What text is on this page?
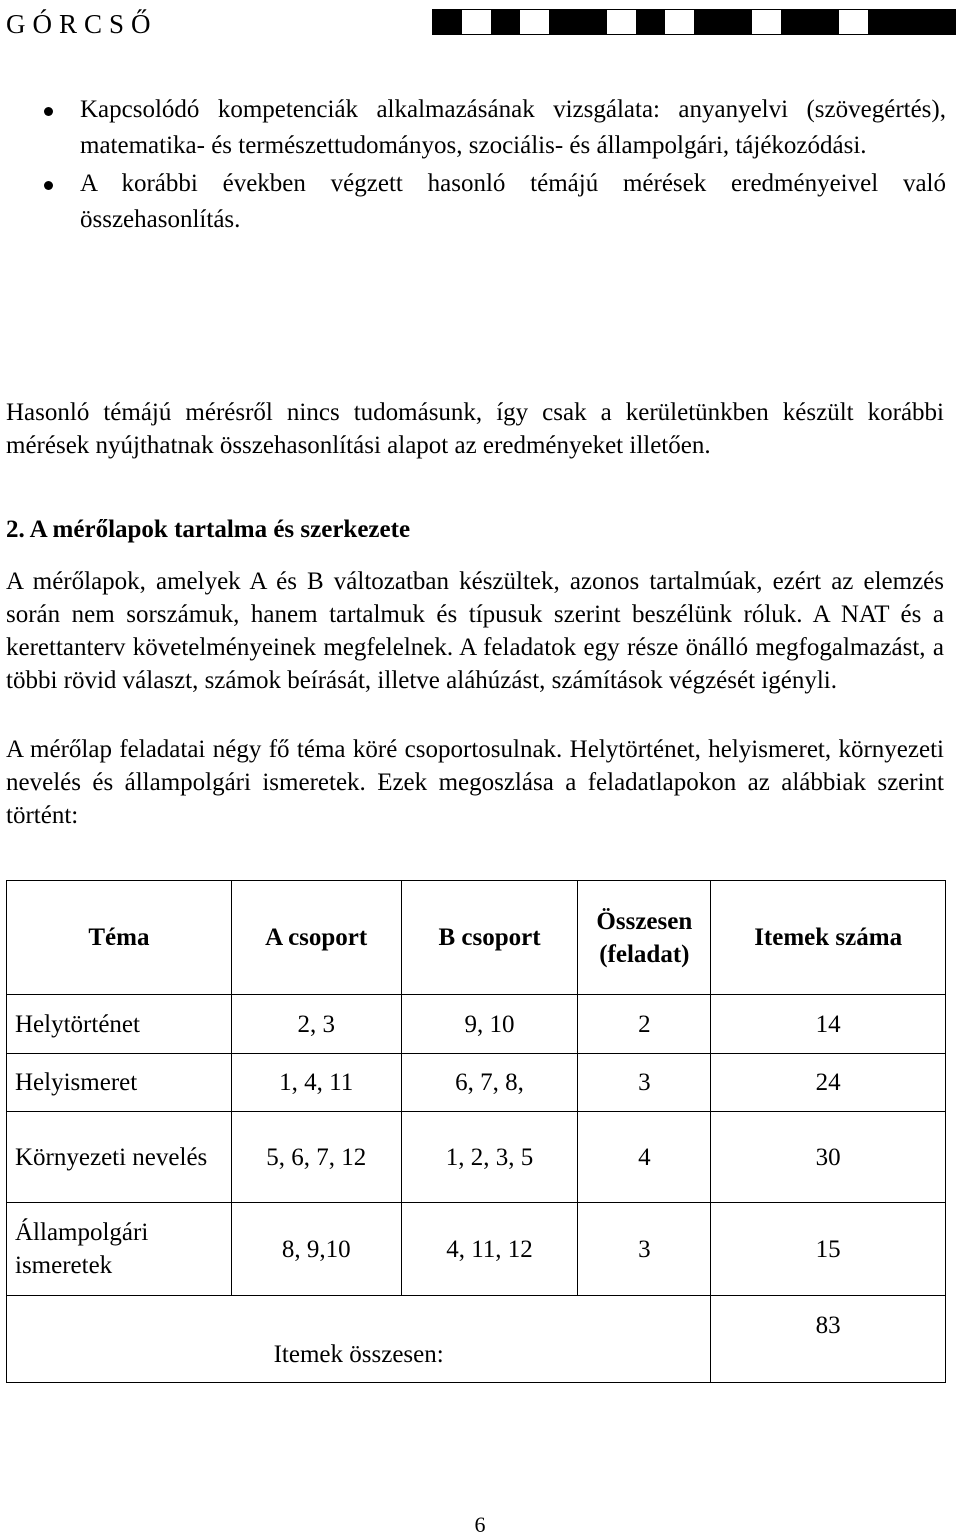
GÓRCSŐ
Kapcsolódó kompetenciák alkalmazásának vizsgálata: anyanyelvi (szövegértés), matematika- és természettudományos, szociális- és állampolgári, tájékozódási.
A korábbi években végzett hasonló témájú mérések eredményeivel való összehasonlítás.

Hasonló témájú mérésről nincs tudomásunk, így csak a kerületünkben készült korábbi mérések nyújthatnak összehasonlítási alapot az eredményeket illetően.

2. A mérőlapok tartalma és szerkezete

A mérőlapok, amelyek A és B változatban készültek, azonos tartalmúak, ezért az elemzés során nem sorszámuk, hanem tartalmuk és típusuk szerint beszélünk róluk. A NAT és a kerettanterv követelményeinek megfelelnek. A feladatok egy része önálló megfogalmazást, a többi rövid választ, számok beírását, illetve aláhúzást, számítások végzését igényli.

A mérőlap feladatai négy fő téma köré csoportosulnak. Helytörténet, helyismeret, környezeti nevelés és állampolgári ismeretek. Ezek megoszlása a feladatlapokon az alábbiak szerint történt:

Téma	A csoport	B csoport	Összesen (feladat)	Itemek száma
Helytörténet	2, 3	9, 10	2	14
Helyismeret	1, 4, 11	6, 7, 8,	3	24
Környezeti nevelés	5, 6, 7, 12	1, 2, 3, 5	4	30
Állampolgári ismeretek	8, 9,10	4, 11, 12	3	15
Itemek összesen:				83
6
